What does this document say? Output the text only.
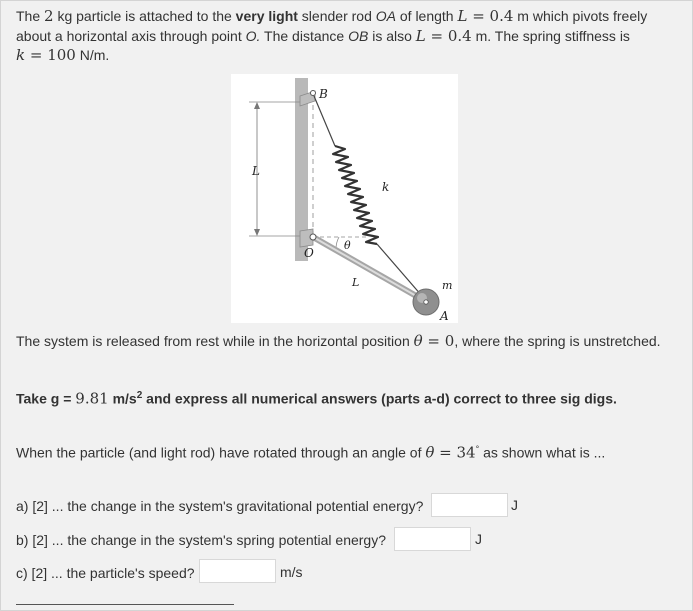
The 2 kg particle is attached to the very light slender rod OA of length L = 0.4 m which pivots freely
about a horizontal axis through point O. The distance OB is also L = 0.4 m. The spring stiffness is
k = 100 N/m.
B
L
k
θ
O
L	m
A
The system is released from rest while in the horizontal position θ = 0, where the spring is unstretched.
Take g = 9.81 $m/s^2$ and express all numerical answers (parts a-d) correct to three sig digs.
When the particle (and light rod) have rotated through an angle of θ = 34° as shown what is ...
a) [2] ... the change in the system's gravitational potential energy?	J
b) [2] ... the change in the system's spring potential energy?	J
c) [2] ... the particle's speed?	m/s
